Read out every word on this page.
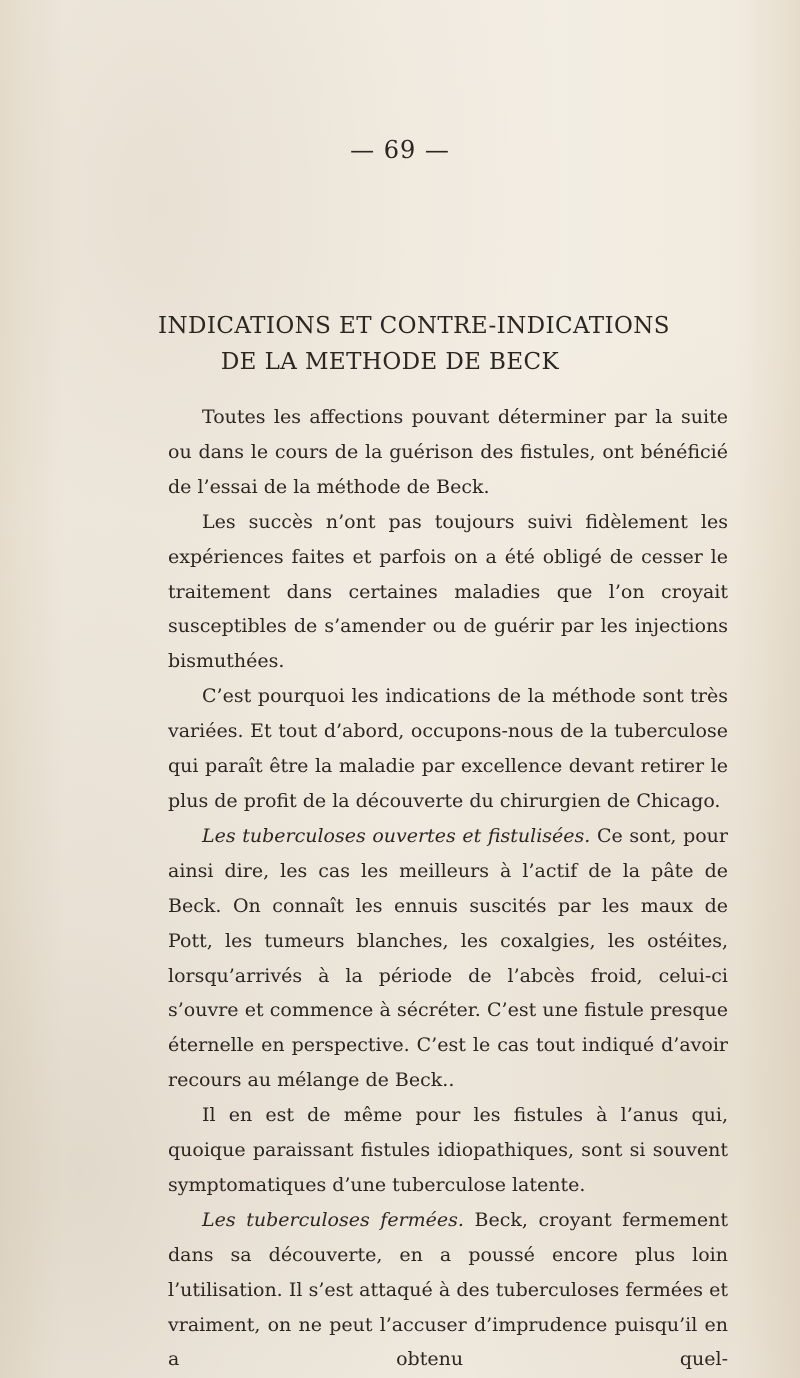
— 69 —
INDICATIONS ET CONTRE-INDICATIONS
DE LA METHODE DE BECK

Toutes les affections pouvant déterminer par la suite ou dans le cours de la guérison des fistules, ont bénéficié de l’essai de la méthode de Beck.

Les succès n’ont pas toujours suivi fidèlement les expériences faites et parfois on a été obligé de cesser le traitement dans certaines maladies que l’on croyait susceptibles de s’amender ou de guérir par les injections bismuthées.

C’est pourquoi les indications de la méthode sont très variées. Et tout d’abord, occupons-nous de la tuberculose qui paraît être la maladie par excellence devant retirer le plus de profit de la découverte du chirurgien de Chicago.

Les tuberculoses ouvertes et fistulisées. Ce sont, pour ainsi dire, les cas les meilleurs à l’actif de la pâte de Beck. On connaît les ennuis suscités par les maux de Pott, les tumeurs blanches, les coxalgies, les ostéites, lorsqu’arrivés à la période de l’abcès froid, celui-ci s’ouvre et commence à sécréter. C’est une fistule presque éternelle en perspective. C’est le cas tout indiqué d’avoir recours au mélange de Beck..

Il en est de même pour les fistules à l’anus qui, quoique paraissant fistules idiopathiques, sont si souvent symptomatiques d’une tuberculose latente.

Les tuberculoses fermées. Beck, croyant fermement dans sa découverte, en a poussé encore plus loin l’utilisation. Il s’est attaqué à des tuberculoses fermées et vraiment, on ne peut l’accuser d’imprudence puisqu’il en a obtenu quel-
